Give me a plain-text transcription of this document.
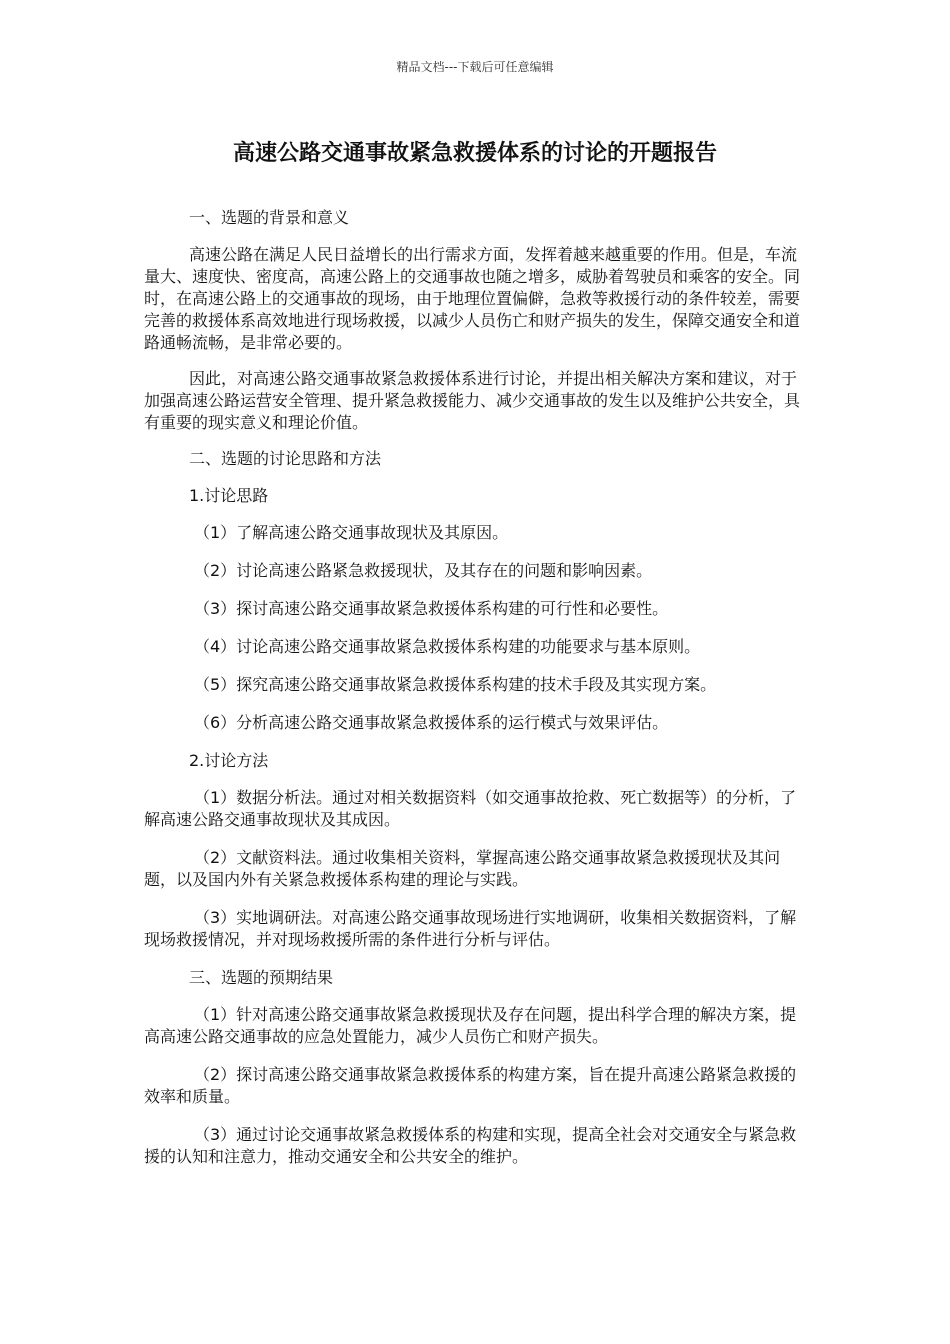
精品文档---下载后可任意编辑
高速公路交通事故紧急救援体系的讨论的开题报告

一、选题的背景和意义

高速公路在满足人民日益增长的出行需求方面，发挥着越来越重要的作用。但是，车流量大、速度快、密度高，高速公路上的交通事故也随之增多，威胁着驾驶员和乘客的安全。同时，在高速公路上的交通事故的现场，由于地理位置偏僻，急救等救援行动的条件较差，需要完善的救援体系高效地进行现场救援，以减少人员伤亡和财产损失的发生，保障交通安全和道路通畅流畅，是非常必要的。

因此，对高速公路交通事故紧急救援体系进行讨论，并提出相关解决方案和建议，对于加强高速公路运营安全管理、提升紧急救援能力、减少交通事故的发生以及维护公共安全，具有重要的现实意义和理论价值。

二、选题的讨论思路和方法

1.讨论思路

（1）了解高速公路交通事故现状及其原因。

（2）讨论高速公路紧急救援现状，及其存在的问题和影响因素。

（3）探讨高速公路交通事故紧急救援体系构建的可行性和必要性。

（4）讨论高速公路交通事故紧急救援体系构建的功能要求与基本原则。

（5）探究高速公路交通事故紧急救援体系构建的技术手段及其实现方案。

（6）分析高速公路交通事故紧急救援体系的运行模式与效果评估。

2.讨论方法

（1）数据分析法。通过对相关数据资料（如交通事故抢救、死亡数据等）的分析，了解高速公路交通事故现状及其成因。

（2）文献资料法。通过收集相关资料，掌握高速公路交通事故紧急救援现状及其问题，以及国内外有关紧急救援体系构建的理论与实践。

（3）实地调研法。对高速公路交通事故现场进行实地调研，收集相关数据资料，了解现场救援情况，并对现场救援所需的条件进行分析与评估。

三、选题的预期结果

（1）针对高速公路交通事故紧急救援现状及存在问题，提出科学合理的解决方案，提高高速公路交通事故的应急处置能力，减少人员伤亡和财产损失。

（2）探讨高速公路交通事故紧急救援体系的构建方案，旨在提升高速公路紧急救援的效率和质量。

（3）通过讨论交通事故紧急救援体系的构建和实现，提高全社会对交通安全与紧急救援的认知和注意力，推动交通安全和公共安全的维护。
